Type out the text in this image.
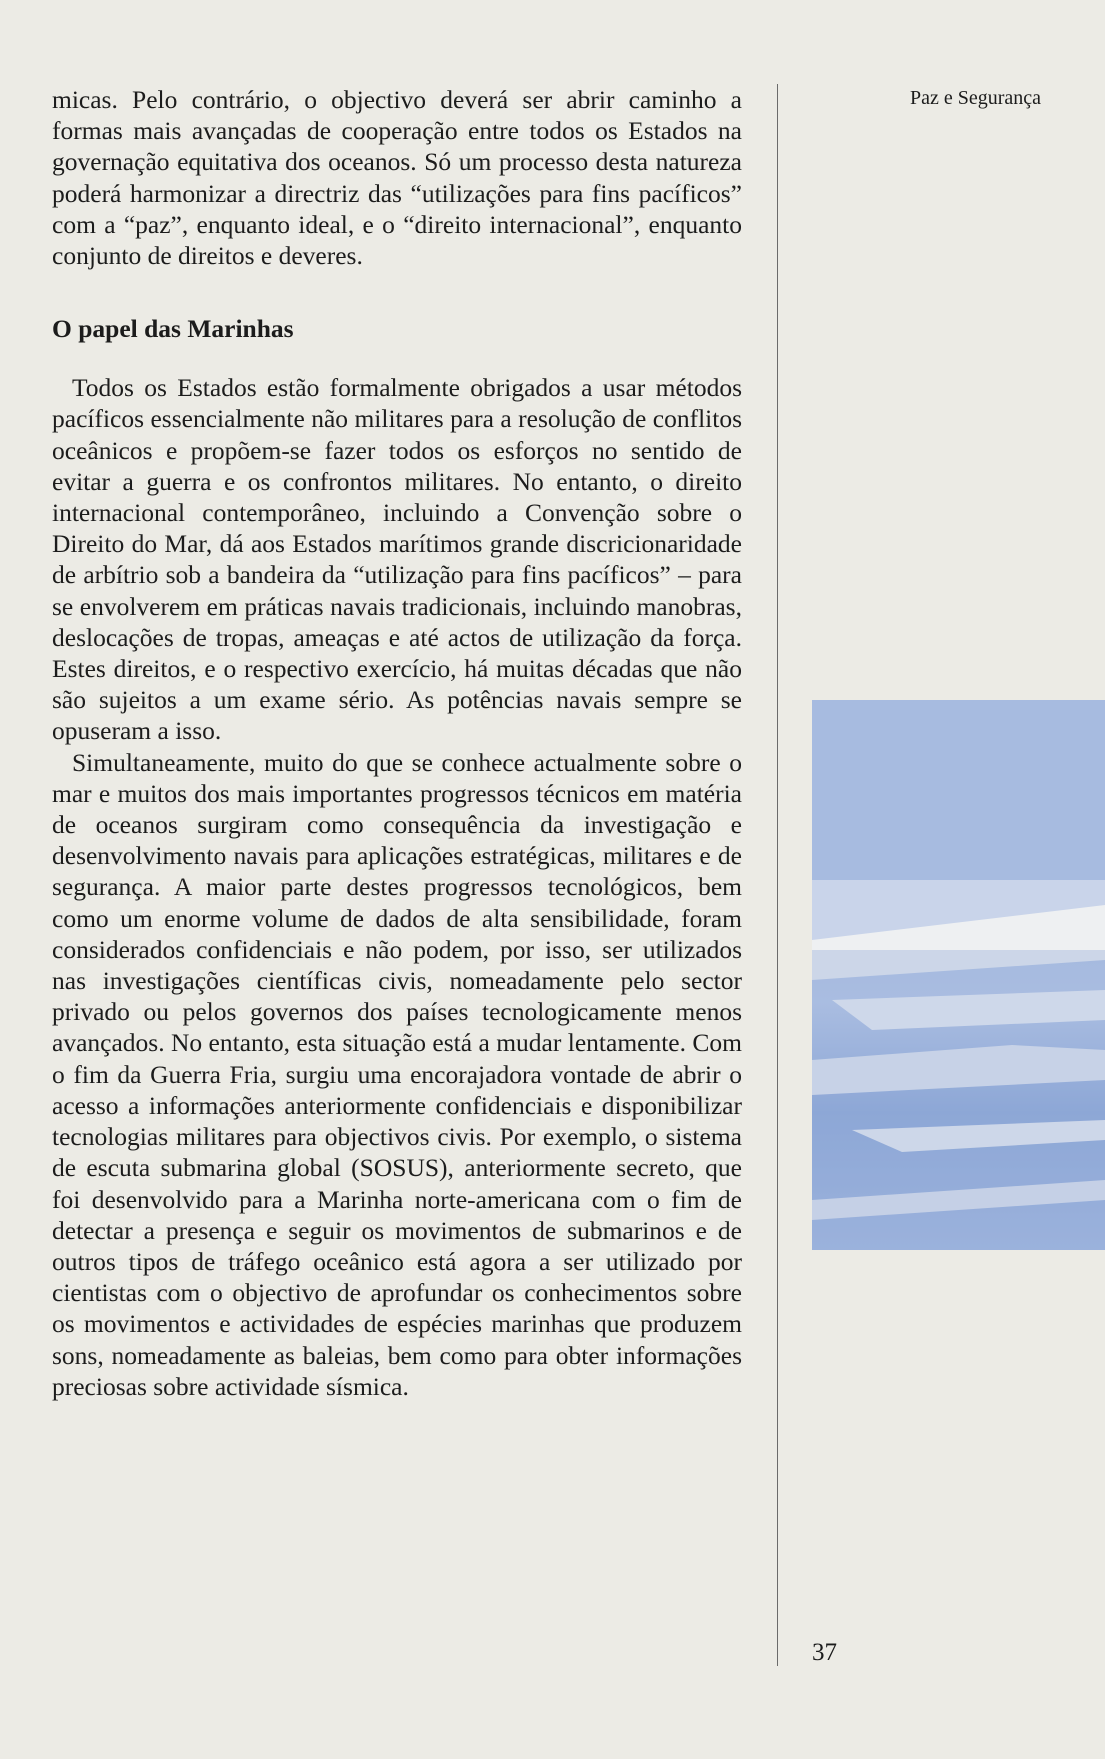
Paz e Segurança

micas. Pelo contrário, o objectivo deverá ser abrir caminho a formas mais avançadas de cooperação entre todos os Estados na governação equitativa dos oceanos. Só um processo desta natureza poderá harmonizar a directriz das “utilizações para fins pacíficos” com a “paz”, enquanto ideal, e o “direito internacional”, enquanto conjunto de direitos e deveres.

O papel das Marinhas

Todos os Estados estão formalmente obrigados a usar métodos pacíficos essencialmente não militares para a resolução de conflitos oceânicos e propõem-se fazer todos os esforços no sentido de evitar a guerra e os confrontos militares. No entanto, o direito internacional contemporâneo, incluindo a Convenção sobre o Direito do Mar, dá aos Estados marítimos grande discricionaridade de arbítrio sob a bandeira da “utilização para fins pacíficos” – para se envolverem em práticas navais tradicionais, incluindo manobras, deslocações de tropas, ameaças e até actos de utilização da força. Estes direitos, e o respectivo exercício, há muitas décadas que não são sujeitos a um exame sério. As potências navais sempre se opuseram a isso.

Simultaneamente, muito do que se conhece actualmente sobre o mar e muitos dos mais importantes progressos técnicos em matéria de oceanos surgiram como consequência da investigação e desenvolvimento navais para aplicações estratégicas, militares e de segurança. A maior parte destes progressos tecnológicos, bem como um enorme volume de dados de alta sensibilidade, foram considerados confidenciais e não podem, por isso, ser utilizados nas investigações científicas civis, nomeadamente pelo sector privado ou pelos governos dos países tecnologicamente menos avançados. No entanto, esta situação está a mudar lentamente. Com o fim da Guerra Fria, surgiu uma encorajadora vontade de abrir o acesso a informações anteriormente confidenciais e disponibilizar tecnologias militares para objectivos civis. Por exemplo, o sistema de escuta submarina global (SOSUS), anteriormente secreto, que foi desenvolvido para a Marinha norte-americana com o fim de detectar a presença e seguir os movimentos de submarinos e de outros tipos de tráfego oceânico está agora a ser utilizado por cientistas com o objectivo de aprofundar os conhecimentos sobre os movimentos e actividades de espécies marinhas que produzem sons, nomeadamente as baleias, bem como para obter informações preciosas sobre actividade sísmica.

37
